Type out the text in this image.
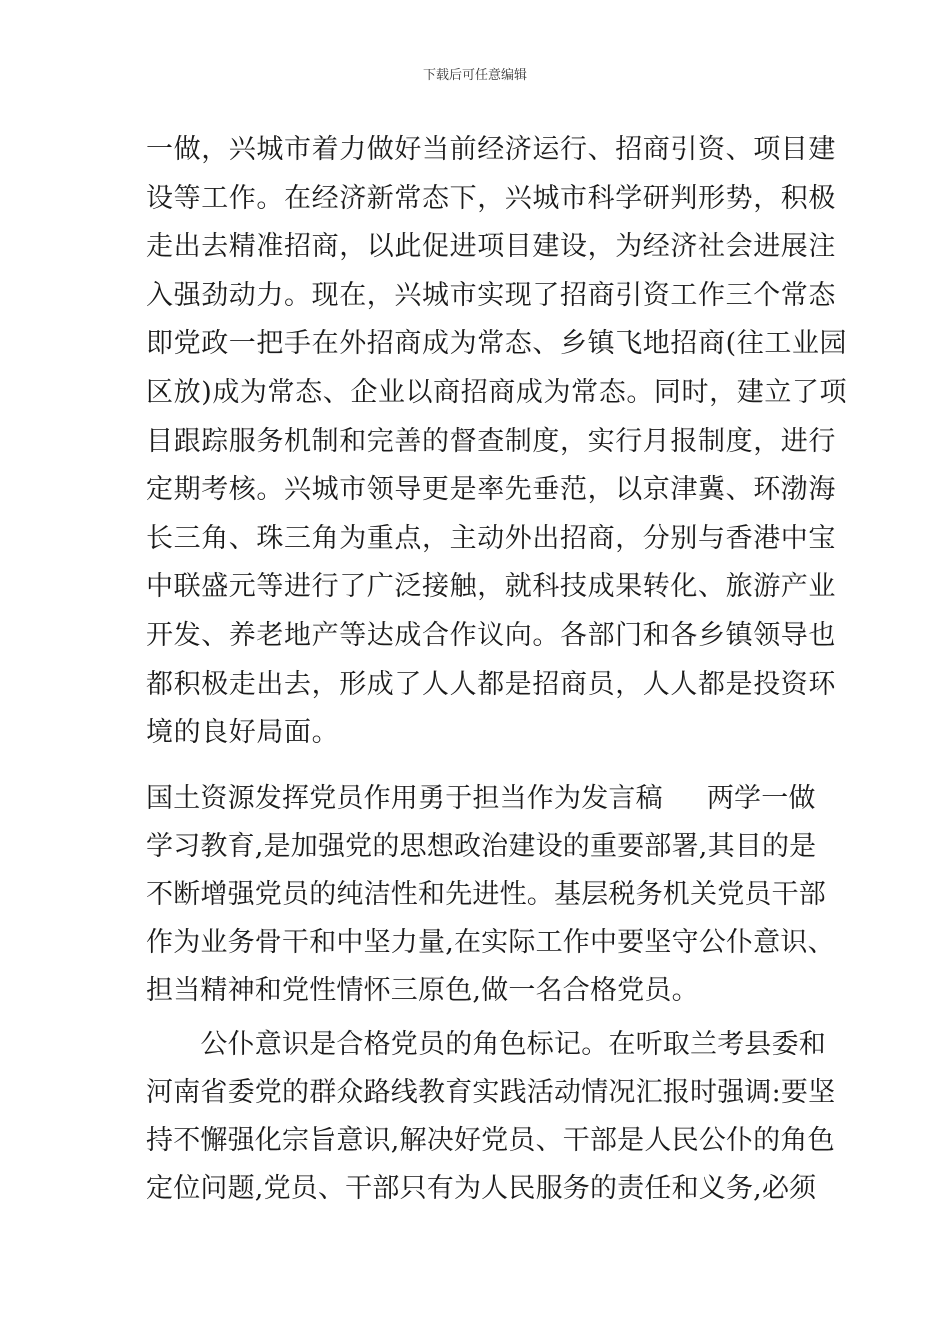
下载后可任意编辑
一做，兴城市着力做好当前经济运行、招商引资、项目建
设等工作。在经济新常态下，兴城市科学研判形势，积极
走出去精准招商，以此促进项目建设，为经济社会进展注
入强劲动力。现在，兴城市实现了招商引资工作三个常态
即党政一把手在外招商成为常态、乡镇飞地招商(往工业园
区放)成为常态、企业以商招商成为常态。同时，建立了项
目跟踪服务机制和完善的督查制度，实行月报制度，进行
定期考核。兴城市领导更是率先垂范，以京津冀、环渤海
长三角、珠三角为重点，主动外出招商，分别与香港中宝
中联盛元等进行了广泛接触，就科技成果转化、旅游产业
开发、养老地产等达成合作议向。各部门和各乡镇领导也
都积极走出去，形成了人人都是招商员，人人都是投资环
境的良好局面。
国土资源发挥党员作用勇于担当作为发言稿 两学一做
学习教育,是加强党的思想政治建设的重要部署,其目的是
不断增强党员的纯洁性和先进性。基层税务机关党员干部
作为业务骨干和中坚力量,在实际工作中要坚守公仆意识、
担当精神和党性情怀三原色,做一名合格党员。
　　公仆意识是合格党员的角色标记。在听取兰考县委和
河南省委党的群众路线教育实践活动情况汇报时强调:要坚
持不懈强化宗旨意识,解决好党员、干部是人民公仆的角色
定位问题,党员、干部只有为人民服务的责任和义务,必须
